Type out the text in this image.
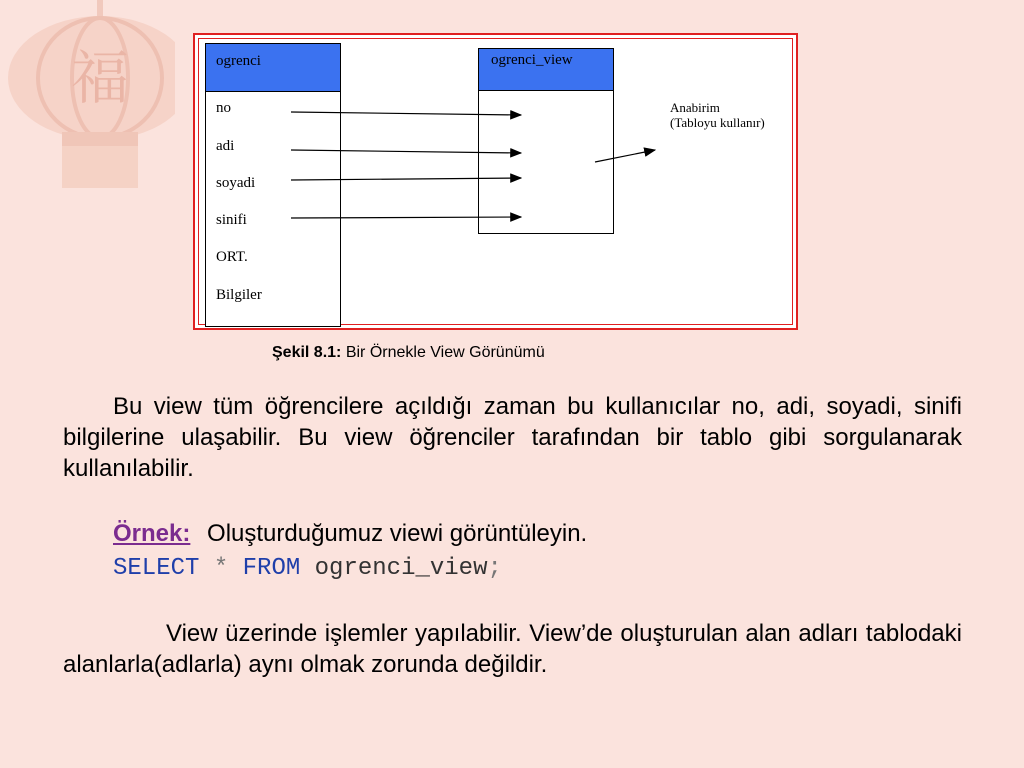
福	ogrenci
no
adi
soyadi
sinifi
ORT.
Bilgiler
ogrenci_view
Anabirim
(Tabloyu kullanır)
Şekil 8.1: Bir Örnekle View Görünümü
Bu view tüm öğrencilere açıldığı zaman bu kullanıcılar no, adi, soyadi, sinifi bilgilerine ulaşabilir. Bu view öğrenciler tarafından bir tablo gibi sorgulanarak kullanılabilir.
Örnek: Oluşturduğumuz viewi görüntüleyin.
SELECT * FROM ogrenci_view;
View üzerinde işlemler yapılabilir. View’de oluşturulan alan adları tablodaki alanlarla(adlarla) aynı olmak zorunda değildir.
